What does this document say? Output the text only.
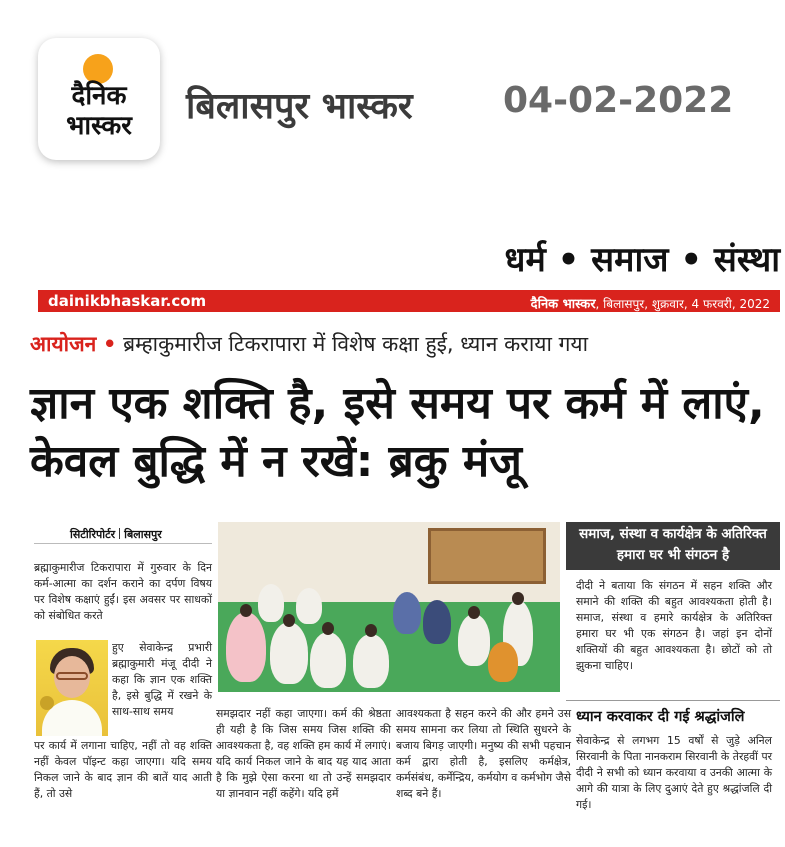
दैनिक
भास्कर	बिलासपुर भास्कर	04-02-2022
धर्म • समाज • संस्था
dainikbhaskar.com	दैनिक भास्कर, बिलासपुर, शुक्रवार, 4 फरवरी, 2022
आयोजन • ब्रम्हाकुमारीज टिकरापारा में विशेष कक्षा हुई, ध्यान कराया गया
ज्ञान एक शक्ति है, इसे समय पर कर्म में लाएं, केवल बुद्धि में न रखें: ब्रकु मंजू
सिटीरिपोर्टर बिलासपुर
ब्रह्माकुमारीज टिकरापारा में गुरुवार के दिन कर्म-आत्मा का दर्शन कराने का दर्पण विषय पर विशेष कक्षाएं हुईं। इस अवसर पर साधकों को संबोधित करते
हुए सेवाकेन्द्र प्रभारी ब्रह्माकुमारी मंजू दीदी ने कहा कि ज्ञान एक शक्ति है, इसे बुद्धि में रखने के साथ-साथ समय
पर कार्य में लगाना चाहिए, नहीं तो वह शक्ति नहीं केवल पॉइन्ट कहा जाएगा। यदि समय निकल जाने के बाद ज्ञान की बातें याद आती हैं, तो उसे
समझदार नहीं कहा जाएगा। कर्म की श्रेष्ठता ही यही है कि जिस समय जिस शक्ति की आवश्यकता है, वह शक्ति हम कार्य में लगाएं। यदि कार्य निकल जाने के बाद यह याद आता है कि मुझे ऐसा करना था तो उन्हें समझदार या ज्ञानवान नहीं कहेंगे। यदि हमें
आवश्यकता है सहन करने की और हमने उस समय सामना कर लिया तो स्थिति सुधरने के बजाय बिगड़ जाएगी। मनुष्य की सभी पहचान कर्म द्वारा होती है, इसलिए कर्मक्षेत्र, कर्मसंबंध, कर्मेन्द्रिय, कर्मयोग व कर्मभोग जैसे शब्द बने हैं।
समाज, संस्था व कार्यक्षेत्र के अतिरिक्त हमारा घर भी संगठन है
दीदी ने बताया कि संगठन में सहन शक्ति और समाने की शक्ति की बहुत आवश्यकता होती है। समाज, संस्था व हमारे कार्यक्षेत्र के अतिरिक्त हमारा घर भी एक संगठन है। जहां इन दोनों शक्तियों की बहुत आवश्यकता है। छोटों को तो झुकना चाहिए।
ध्यान करवाकर दी गई श्रद्धांजलि
सेवाकेन्द्र से लगभग 15 वर्षों से जुड़े अनिल सिरवानी के पिता नानकराम सिरवानी के तेरहवीं पर दीदी ने सभी को ध्यान करवाया व उनकी आत्मा के आगे की यात्रा के लिए दुआएं देते हुए श्रद्धांजलि दी गई।
